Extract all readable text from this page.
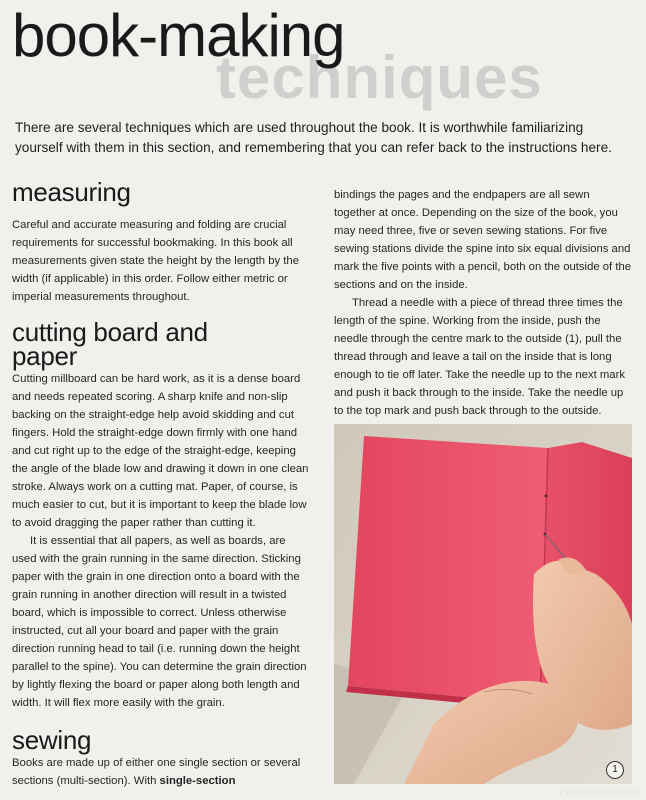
techniques
book-making

There are several techniques which are used throughout the book. It is worthwhile familiarizing yourself with them in this section, and remembering that you can refer back to the instructions here.

measuring

Careful and accurate measuring and folding are crucial requirements for successful bookmaking. In this book all measurements given state the height by the length by the width (if applicable) in this order. Follow either metric or imperial measurements throughout.

cutting board and paper

Cutting millboard can be hard work, as it is a dense board and needs repeated scoring. A sharp knife and non-slip backing on the straight-edge help avoid skidding and cut fingers. Hold the straight-edge down firmly with one hand and cut right up to the edge of the straight-edge, keeping the angle of the blade low and drawing it down in one clean stroke. Always work on a cutting mat. Paper, of course, is much easier to cut, but it is important to keep the blade low to avoid dragging the paper rather than cutting it.

It is essential that all papers, as well as boards, are used with the grain running in the same direction. Sticking paper with the grain in one direction onto a board with the grain running in another direction will result in a twisted board, which is impossible to correct. Unless otherwise instructed, cut all your board and paper with the grain direction running head to tail (i.e. running down the height parallel to the spine). You can determine the grain direction by lightly flexing the board or paper along both length and width. It will flex more easily with the grain.

sewing

Books are made up of either one single section or several sections (multi-section). With single-section

bindings the pages and the endpapers are all sewn together at once. Depending on the size of the book, you may need three, five or seven sewing stations. For five sewing stations divide the spine into six equal divisions and mark the five points with a pencil, both on the outside of the sections and on the inside.

Thread a needle with a piece of thread three times the length of the spine. Working from the inside, push the needle through the centre mark to the outside (1), pull the thread through and leave a tail on the inside that is long enough to tie off later. Take the needle up to the next mark and push it back through to the inside. Take the needle up to the top mark and push back through to the outside.

1
PassionForum.ru
